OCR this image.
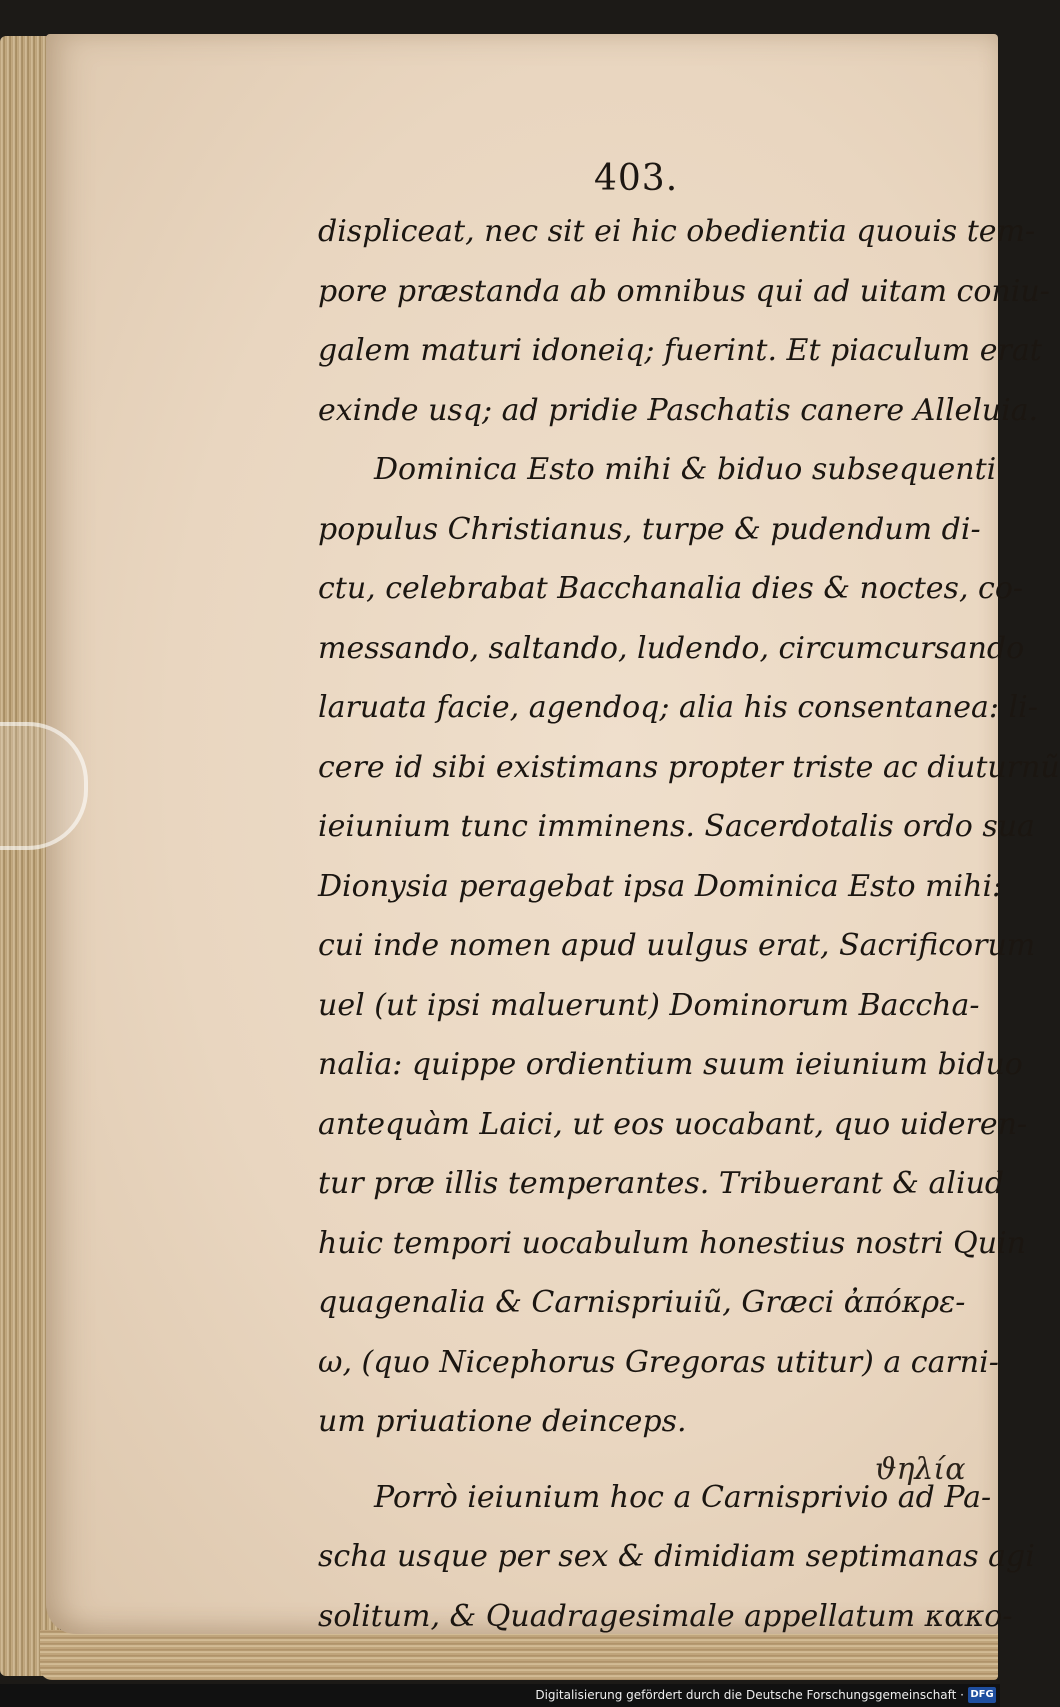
403.
displiceat, nec sit ei hic obedientia quouis tem-
pore præstanda ab omnibus qui ad uitam coniu-
galem maturi idoneiq; fuerint. Et piaculum erat
exinde usq; ad pridie Paschatis canere Alleluia.
Dominica Esto mihi & biduo subsequenti
populus Christianus, turpe & pudendum di-
ctu, celebrabat Bacchanalia dies & noctes, co-
messando, saltando, ludendo, circumcursando
laruata facie, agendoq; alia his consentanea: li-
cere id sibi existimans propter triste ac diuturnũ
ieiunium tunc imminens. Sacerdotalis ordo sua
Dionysia peragebat ipsa Dominica Esto mihi:
cui inde nomen apud uulgus erat, Sacrificorum
uel (ut ipsi maluerunt) Dominorum Baccha-
nalia: quippe ordientium suum ieiunium biduo
antequàm Laici, ut eos uocabant, quo uideren-
tur præ illis temperantes. Tribuerant & aliud
huic tempori uocabulum honestius nostri Quin
quagenalia & Carnispriuiũ, Græci ἀπόκρε-
ω, (quo Nicephorus Gregoras utitur) a carni-
um priuatione deinceps.
Porrò ieiunium hoc a Carnisprivio ad Pa-
scha usque per sex & dimidiam septimanas agi
solitum, & Quadragesimale appellatum κακο-
ϑηλία
Digitalisierung gefördert durch die Deutsche Forschungsgemeinschaft · DFG
